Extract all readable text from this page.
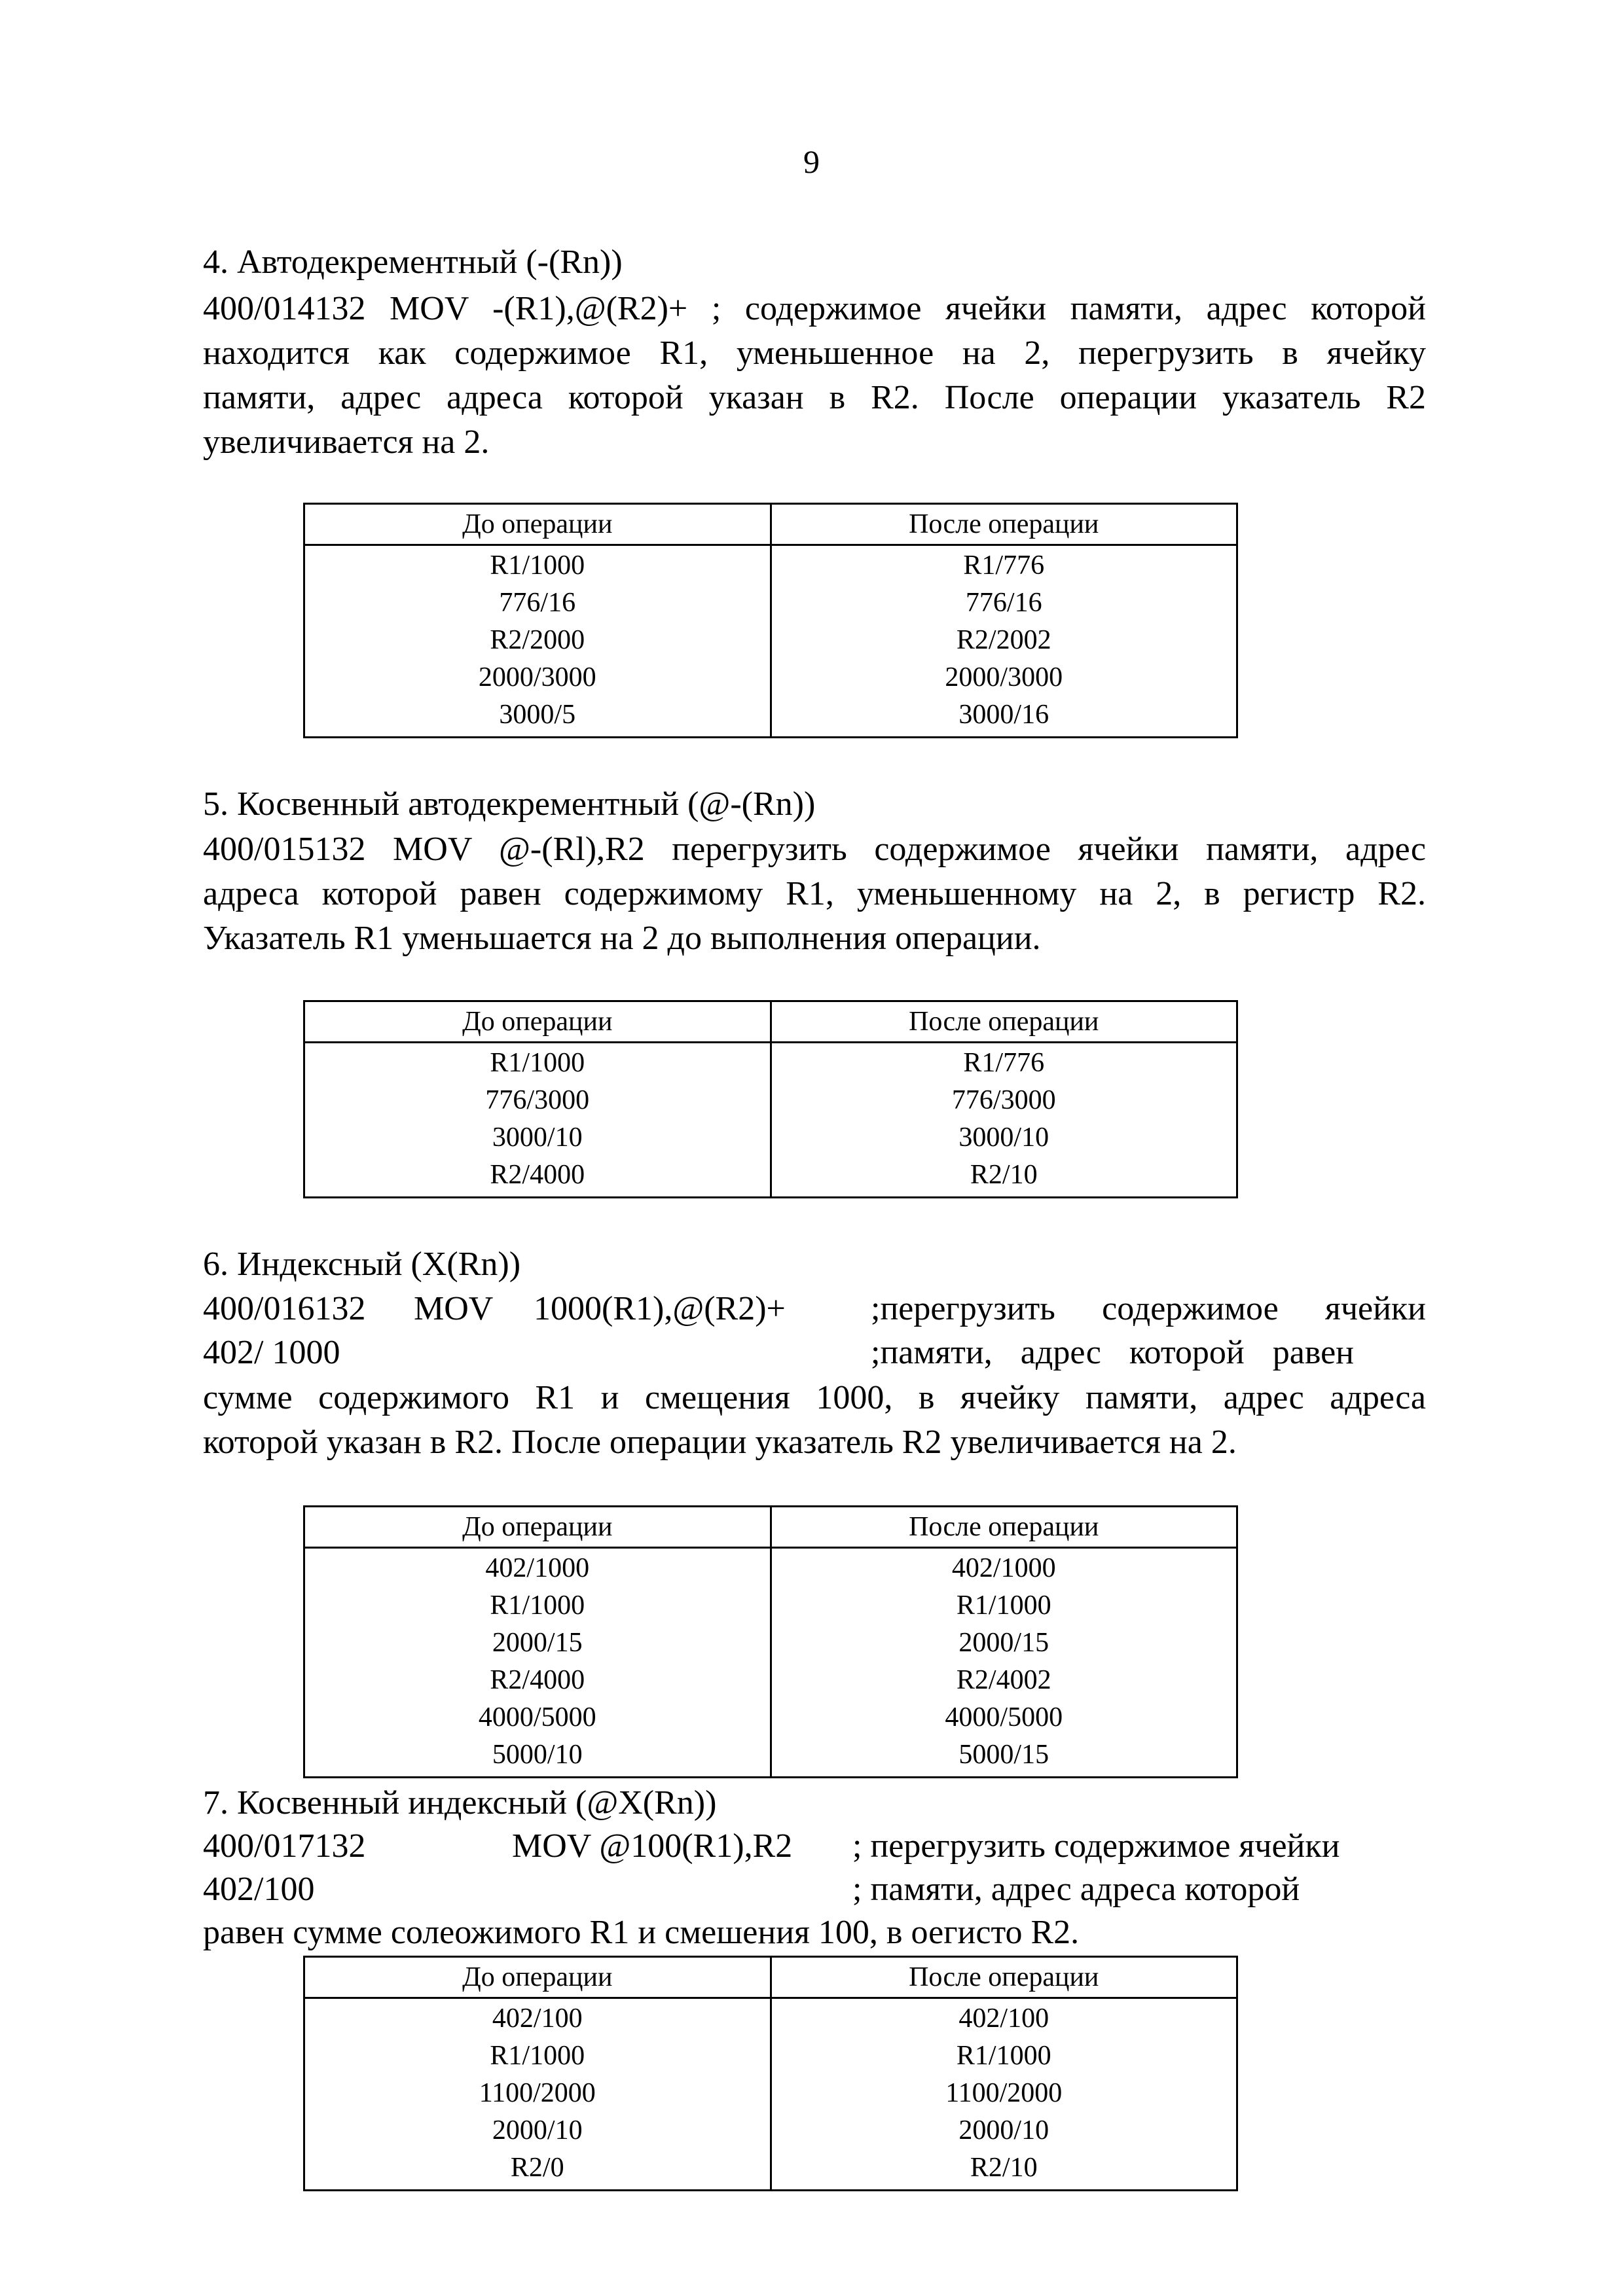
9
4. Автодекрементный (-(Rn))
400/014132 MOV -(R1),@(R2)+ ; содержимое ячейки памяти, адрес которой
находится как содержимое R1, уменьшенное на 2, перегрузить в ячейку
памяти, адрес адреса которой указан в R2. После операции указатель R2
увеличивается на 2.
До операции	После операции
R1/1000	R1/776
776/16	776/16
R2/2000	R2/2002
2000/3000	2000/3000
3000/5	3000/16
5. Косвенный автодекрементный (@-(Rn))
400/015132 MOV @-(Rl),R2 перегрузить содержимое ячейки памяти, адрес
адреса которой равен содержимому R1, уменьшенному на 2, в регистр R2.
Указатель R1 уменьшается на 2 до выполнения операции.
До операции	После операции
R1/1000	R1/776
776/3000	776/3000
3000/10	3000/10
R2/4000	R2/10
6. Индексный (X(Rn))
400/016132 MOV 1000(R1),@(R2)+	;перегрузить содержимое ячейки
402/ 1000	;памяти, адрес которой равен
сумме содержимого R1 и смещения 1000, в ячейку памяти, адрес адреса
которой указан в R2. После операции указатель R2 увеличивается на 2.
До операции	После операции
402/1000	402/1000
R1/1000	R1/1000
2000/15	2000/15
R2/4000	R2/4002
4000/5000	4000/5000
5000/10	5000/15
7. Косвенный индексный (@X(Rn))
400/017132	MOV @100(R1),R2 ; перегрузить содержимое ячейки
402/100	; памяти, адрес адреса которой
равен сумме солеожимого R1 и смешения 100, в оегисто R2.
До операции	После операции
402/100	402/100
R1/1000	R1/1000
1100/2000	1100/2000
2000/10	2000/10
R2/0	R2/10
